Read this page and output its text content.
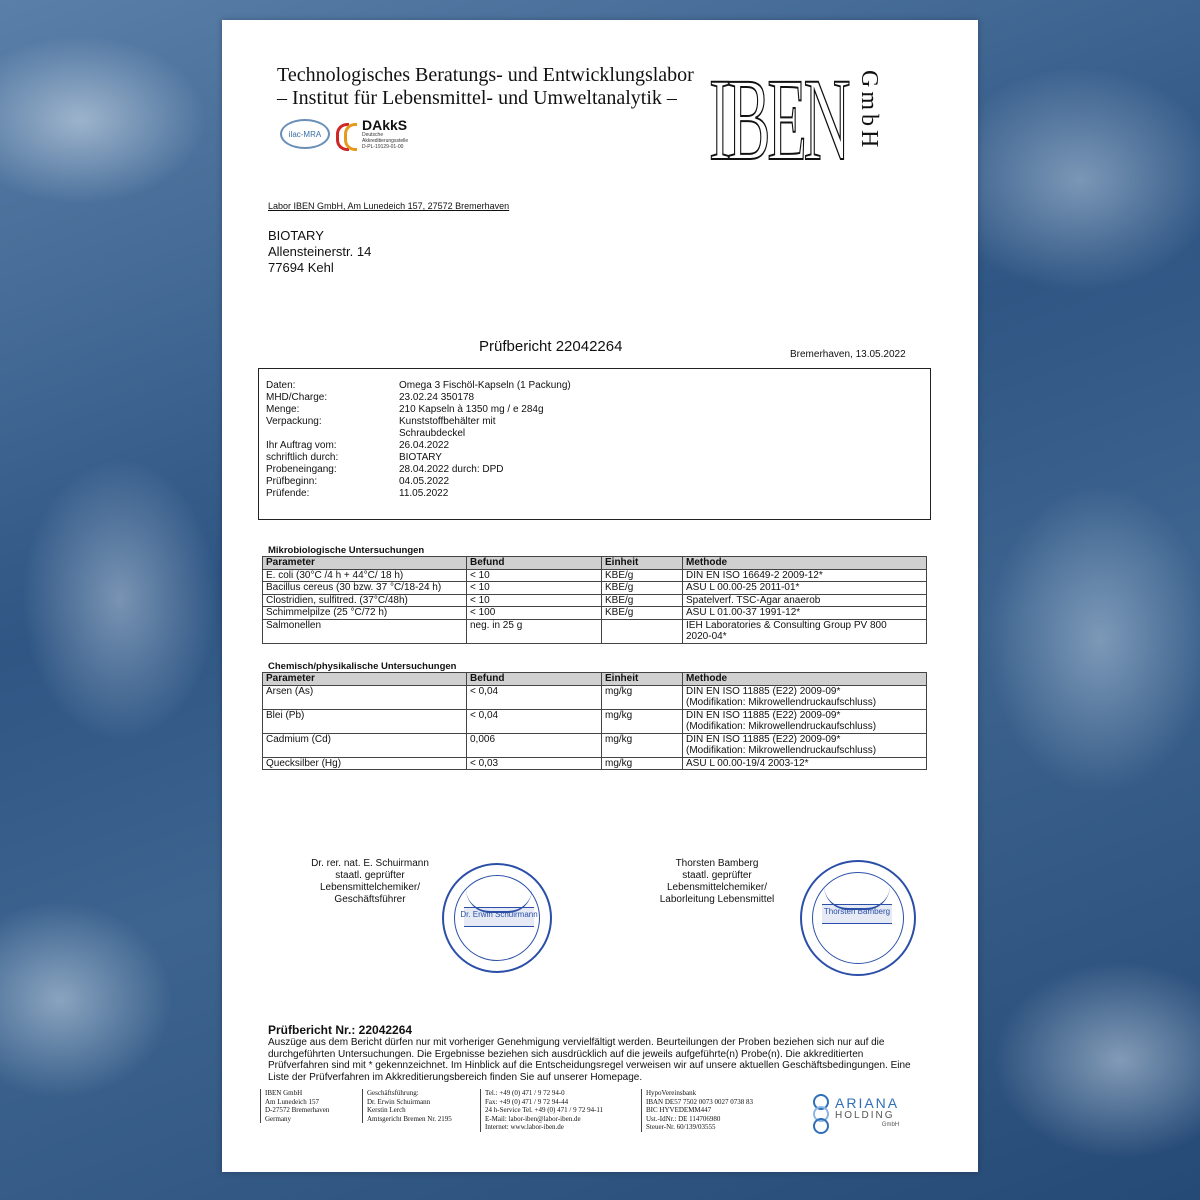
Technologisches Beratungs- und Entwicklungslabor
– Institut für Lebensmittel- und Umweltanalytik – IBEN GmbH
ilac-MRA
DAkkS
Deutsche
Akkreditierungsstelle
D-PL-19129-01-00
Labor IBEN GmbH, Am Lunedeich 157, 27572 Bremerhaven
BIOTARY
Allensteinerstr. 14
77694 Kehl
Prüfbericht 22042264	Bremerhaven, 13.05.2022
Daten:	Omega 3 Fischöl-Kapseln (1 Packung)
MHD/Charge:	23.02.24 350178
Menge:	210 Kapseln à 1350 mg / e 284g
Verpackung:	Kunststoffbehälter mit
Schraubdeckel
Ihr Auftrag vom:	26.04.2022
schriftlich durch:	BIOTARY
Probeneingang:	28.04.2022 durch: DPD
Prüfbeginn:	04.05.2022
Prüfende:	11.05.2022
Mikrobiologische Untersuchungen
Parameter	Befund	Einheit	Methode

E. coli (30°C /4 h + 44°C/ 18 h)	< 10	KBE/g	DIN EN ISO 16649-2 2009-12*

Bacillus cereus (30 bzw. 37 °C/18-24 h)	< 10	KBE/g	ASU L 00.00-25 2011-01*

Clostridien, sulfitred. (37°C/48h)	< 10	KBE/g	Spatelverf. TSC-Agar anaerob

Schimmelpilze (25 °C/72 h)	< 100	KBE/g	ASU L 01.00-37 1991-12*

Salmonellen	neg. in 25 g		IEH Laboratories & Consulting Group PV 800
2020-04*
Chemisch/physikalische Untersuchungen
Parameter	Befund	Einheit	Methode

Arsen (As)	< 0,04	mg/kg	DIN EN ISO 11885 (E22) 2009-09*
(Modifikation: Mikrowellendruckaufschluss)

Blei (Pb)	< 0,04	mg/kg	DIN EN ISO 11885 (E22) 2009-09*
(Modifikation: Mikrowellendruckaufschluss)

Cadmium (Cd)	0,006	mg/kg	DIN EN ISO 11885 (E22) 2009-09*
(Modifikation: Mikrowellendruckaufschluss)

Quecksilber (Hg)	< 0,03	mg/kg	ASU L 00.00-19/4 2003-12*
Dr. rer. nat. E. Schuirmann
staatl. geprüfter
Lebensmittelchemiker/
Geschäftsführer
Dr. Erwin Schuirmann
Thorsten Bamberg
staatl. geprüfter
Lebensmittelchemiker/
Laborleitung Lebensmittel
Thorsten Bamberg
Prüfbericht Nr.: 22042264
Auszüge aus dem Bericht dürfen nur mit vorheriger Genehmigung vervielfältigt werden. Beurteilungen der Proben beziehen sich nur auf die durchgeführten Untersuchungen. Die Ergebnisse beziehen sich ausdrücklich auf die jeweils aufgeführte(n) Probe(n). Die akkreditierten Prüfverfahren sind mit * gekennzeichnet. Im Hinblick auf die Entscheidungsregel verweisen wir auf unsere aktuellen Geschäftsbedingungen. Eine Liste der Prüfverfahren im Akkreditierungsbereich finden Sie auf unserer Homepage.
IBEN GmbH
Am Lunedeich 157
D-27572 Bremerhaven
Germany
Geschäftsführung:
Dr. Erwin Schuirmann
Kerstin Lerch
Amtsgericht Bremen Nr. 2195
Tel.: +49 (0) 471 / 9 72 94-0
Fax: +49 (0) 471 / 9 72 94-44
24 h-Service Tel. +49 (0) 471 / 9 72 94-11
E-Mail: labor-iben@labor-iben.de
Internet: www.labor-iben.de
HypoVereinsbank
IBAN DE57 7502 0073 0027 0738 83
BIC HYVEDEMM447
Ust.-IdNr.: DE 114706980
Steuer-Nr. 60/139/03555
ARIANA
HOLDING
GmbH
